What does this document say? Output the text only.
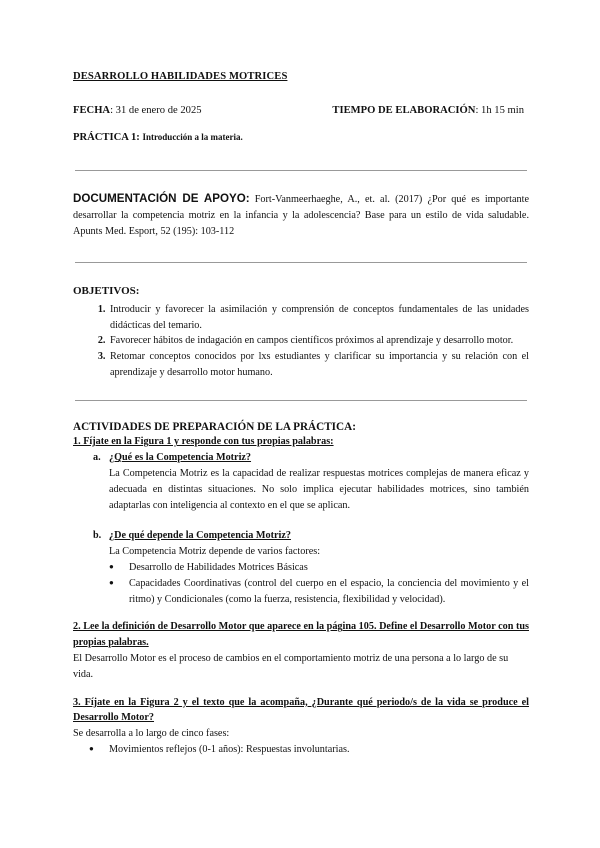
DESARROLLO HABILIDADES MOTRICES
FECHA: 31 de enero de 2025	TIEMPO DE ELABORACIÓN: 1h 15 min
PRÁCTICA 1: Introducción a la materia.
DOCUMENTACIÓN DE APOYO: Fort-Vanmeerhaeghe, A., et. al. (2017) ¿Por qué es importante desarrollar la competencia motriz en la infancia y la adolescencia? Base para un estilo de vida saludable. Apunts Med. Esport, 52 (195): 103-112
OBJETIVOS:
1. Introducir y favorecer la asimilación y comprensión de conceptos fundamentales de las unidades didácticas del temario.
2. Favorecer hábitos de indagación en campos científicos próximos al aprendizaje y desarrollo motor.
3. Retomar conceptos conocidos por lxs estudiantes y clarificar su importancia y su relación con el aprendizaje y desarrollo motor humano.
ACTIVIDADES DE PREPARACIÓN DE LA PRÁCTICA:
1. Fíjate en la Figura 1 y responde con tus propias palabras:
a. ¿Qué es la Competencia Motriz?
La Competencia Motriz es la capacidad de realizar respuestas motrices complejas de manera eficaz y adecuada en distintas situaciones. No solo implica ejecutar habilidades motrices, sino también adaptarlas con inteligencia al contexto en el que se aplican.
b. ¿De qué depende la Competencia Motriz?
La Competencia Motriz depende de varios factores:
● Desarrollo de Habilidades Motrices Básicas
● Capacidades Coordinativas (control del cuerpo en el espacio, la conciencia del movimiento y el ritmo) y Condicionales (como la fuerza, resistencia, flexibilidad y velocidad).
2. Lee la definición de Desarrollo Motor que aparece en la página 105. Define el Desarrollo Motor con tus propias palabras.
El Desarrollo Motor es el proceso de cambios en el comportamiento motriz de una persona a lo largo de su vida.
3. Fíjate en la Figura 2 y el texto que la acompaña, ¿Durante qué periodo/s de la vida se produce el Desarrollo Motor?
Se desarrolla a lo largo de cinco fases:
● Movimientos reflejos (0-1 años): Respuestas involuntarias.
